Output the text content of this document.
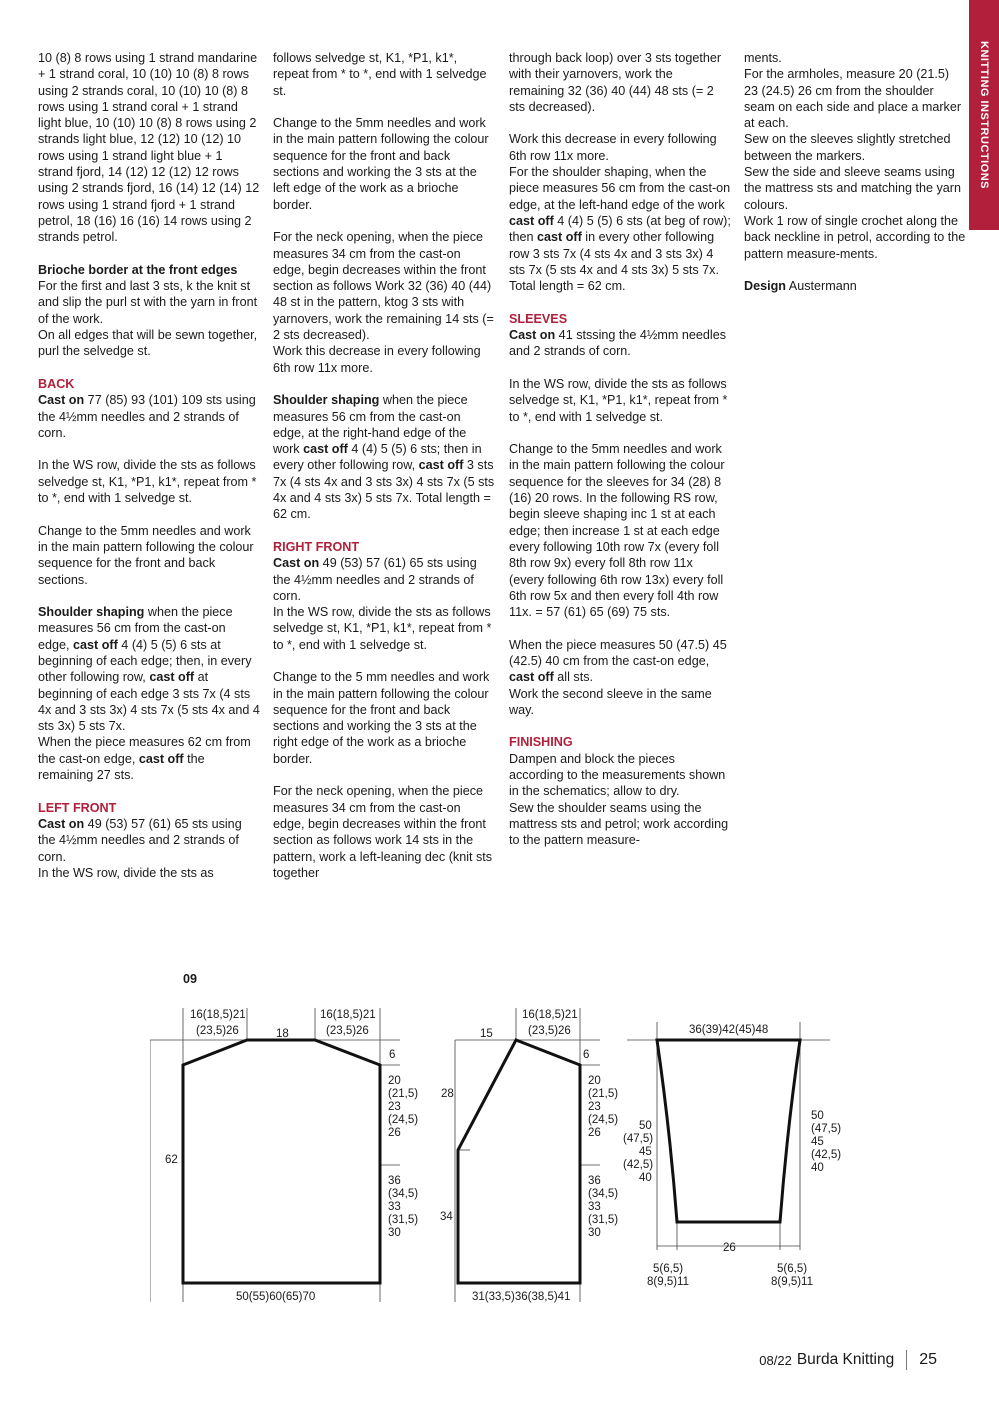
KNITTING INSTRUCTIONS

10 (8) 8 rows using 1 strand mandarine + 1 strand coral, 10 (10) 10 (8) 8 rows using 2 strands coral, 10 (10) 10 (8) 8 rows using 1 strand coral + 1 strand light blue, 10 (10) 10 (8) 8 rows using 2 strands light blue, 12 (12) 10 (12) 10 rows using 1 strand light blue + 1 strand fjord, 14 (12) 12 (12) 12 rows using 2 strands fjord, 16 (14) 12 (14) 12 rows using 1 strand fjord + 1 strand petrol, 18 (16) 16 (16) 14 rows using 2 strands petrol.

Brioche border at the front edges

For the first and last 3 sts, k the knit st and slip the purl st with the yarn in front of the work.

On all edges that will be sewn together, purl the selvedge st.

BACK

Cast on 77 (85) 93 (101) 109 sts using the 4½mm needles and 2 strands of corn.

In the WS row, divide the sts as follows selvedge st, K1, *P1, k1*, repeat from * to *, end with 1 selvedge st.

Change to the 5mm needles and work in the main pattern following the colour sequence for the front and back sections.

Shoulder shaping when the piece measures 56 cm from the cast-on edge, cast off 4 (4) 5 (5) 6 sts at beginning of each edge; then, in every other following row, cast off at beginning of each edge 3 sts 7x (4 sts 4x and 3 sts 3x) 4 sts 7x (5 sts 4x and 4 sts 3x) 5 sts 7x.

When the piece measures 62 cm from the cast-on edge, cast off the remaining 27 sts.

LEFT FRONT

Cast on 49 (53) 57 (61) 65 sts using the 4½mm needles and 2 strands of corn.

In the WS row, divide the sts as

follows selvedge st, K1, *P1, k1*, repeat from * to *, end with 1 selvedge st.

Change to the 5mm needles and work in the main pattern following the colour sequence for the front and back sections and working the 3 sts at the left edge of the work as a brioche border.

For the neck opening, when the piece measures 34 cm from the cast-on edge, begin decreases within the front section as follows Work 32 (36) 40 (44) 48 st in the pattern, ktog 3 sts with yarnovers, work the remaining 14 sts (= 2 sts decreased).

Work this decrease in every following 6th row 11x more.

Shoulder shaping when the piece measures 56 cm from the cast-on edge, at the right-hand edge of the work cast off 4 (4) 5 (5) 6 sts; then in every other following row, cast off 3 sts 7x (4 sts 4x and 3 sts 3x) 4 sts 7x (5 sts 4x and 4 sts 3x) 5 sts 7x. Total length = 62 cm.

RIGHT FRONT

Cast on 49 (53) 57 (61) 65 sts using the 4½mm needles and 2 strands of corn.

In the WS row, divide the sts as follows selvedge st, K1, *P1, k1*, repeat from * to *, end with 1 selvedge st.

Change to the 5 mm needles and work in the main pattern following the colour sequence for the front and back sections and working the 3 sts at the right edge of the work as a brioche border.

For the neck opening, when the piece measures 34 cm from the cast-on edge, begin decreases within the front section as follows work 14 sts in the pattern, work a left-leaning dec (knit sts together

through back loop) over 3 sts together with their yarnovers, work the remaining 32 (36) 40 (44) 48 sts (= 2 sts decreased).

Work this decrease in every following 6th row 11x more.

For the shoulder shaping, when the piece measures 56 cm from the cast-on edge, at the left-hand edge of the work cast off 4 (4) 5 (5) 6 sts (at beg of row); then cast off in every other following row 3 sts 7x (4 sts 4x and 3 sts 3x) 4 sts 7x (5 sts 4x and 4 sts 3x) 5 sts 7x. Total length = 62 cm.

SLEEVES

Cast on 41 stssing the 4½mm needles and 2 strands of corn.

In the WS row, divide the sts as follows selvedge st, K1, *P1, k1*, repeat from * to *, end with 1 selvedge st.

Change to the 5mm needles and work in the main pattern following the colour sequence for the sleeves for 34 (28) 8 (16) 20 rows. In the following RS row, begin sleeve shaping inc 1 st at each edge; then increase 1 st at each edge every following 10th row 7x (every foll 8th row 9x) every foll 8th row 11x (every following 6th row 13x) every foll 6th row 5x and then every foll 4th row 11x. = 57 (61) 65 (69) 75 sts.

When the piece measures 50 (47.5) 45 (42.5) 40 cm from the cast-on edge, cast off all sts.

Work the second sleeve in the same way.

FINISHING

Dampen and block the pieces according to the measurements shown in the schematics; allow to dry.

Sew the shoulder seams using the mattress sts and petrol; work according to the pattern measure-

ments.

For the armholes, measure 20 (21.5) 23 (24.5) 26 cm from the shoulder seam on each side and place a marker at each.

Sew on the sleeves slightly stretched between the markers.

Sew the side and sleeve seams using the mattress sts and matching the yarn colours.

Work 1 row of single crochet along the back neckline in petrol, according to the pattern measure-ments.

Design Austermann

09
16(18,5)21
(23,5)26	18
16(18,5)21
(23,5)26
6
20
(21,5)
23
(24,5)
26
36
(34,5)
33
(31,5)
30
62
50(55)60(65)70
15
16(18,5)21
(23,5)26
6
28
34
20
(21,5)
23
(24,5)
26
36
(34,5)
33
(31,5)
30
31(33,5)36(38,5)41
36(39)42(45)48
50
(47,5)
45
(42,5)
40
50
(47,5)
45
(42,5)
40
26
5(6,5)
8(9,5)11
5(6,5)
8(9,5)11
08/22 Burda Knitting 25
